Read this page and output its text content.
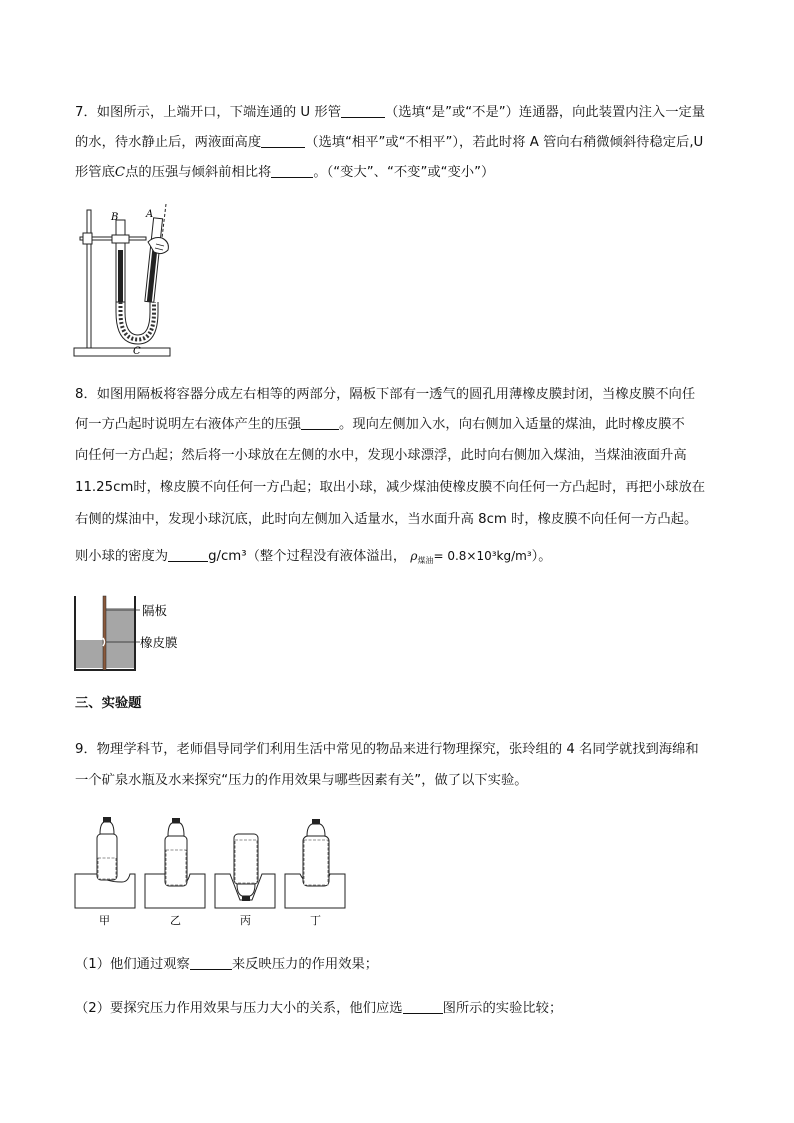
7．如图所示，上端开口，下端连通的 U 形管	（选填“是”或“不是”）连通器，向此装置内注入一定量
的水，待水静止后，两液面高度	（选填“相平”或“不相平”），若此时将 A 管向右稍微倾斜待稳定后,U
形管底C点的压强与倾斜前相比将	。（“变大”、“不变”或“变小”）
B	A
C
8．如图用隔板将容器分成左右相等的两部分，隔板下部有一透气的圆孔用薄橡皮膜封闭，当橡皮膜不向任
何一方凸起时说明左右液体产生的压强	。现向左侧加入水，向右侧加入适量的煤油，此时橡皮膜不
向任何一方凸起；然后将一小球放在左侧的水中，发现小球漂浮，此时向右侧加入煤油，当煤油液面升高
11.25cm时，橡皮膜不向任何一方凸起；取出小球，减少煤油使橡皮膜不向任何一方凸起时，再把小球放在
右侧的煤油中，发现小球沉底，此时向左侧加入适量水，当水面升高 8cm 时，橡皮膜不向任何一方凸起。
则小球的密度为	g/cm³（整个过程没有液体溢出， $\rho_{煤油}= 0.8\times 10^3kg/m^3$）。
隔板
橡皮膜
三、实验题
9．物理学科节，老师倡导同学们利用生活中常见的物品来进行物理探究，张玲组的 4 名同学就找到海绵和
一个矿泉水瓶及水来探究“压力的作用效果与哪些因素有关”，做了以下实验。
甲	乙	丙	丁
（1）他们通过观察	来反映压力的作用效果；
（2）要探究压力作用效果与压力大小的关系，他们应选	图所示的实验比较；
